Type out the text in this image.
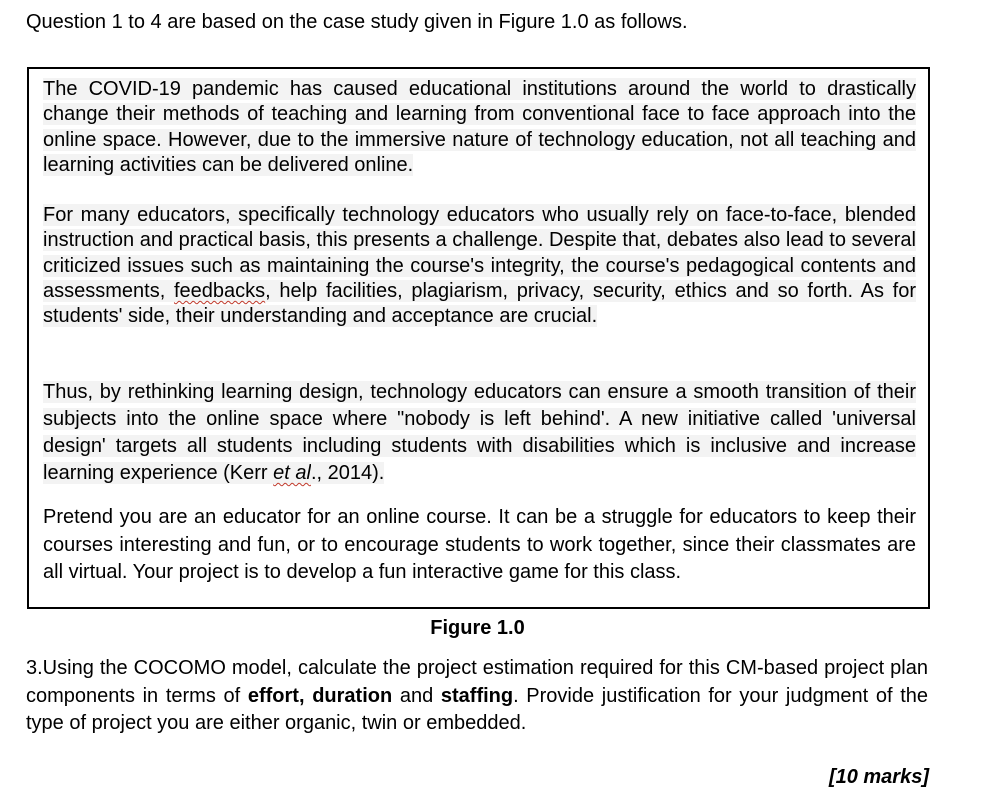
Question 1 to 4 are based on the case study given in Figure 1.0 as follows.

The COVID-19 pandemic has caused educational institutions around the world to drastically change their methods of teaching and learning from conventional face to face approach into the online space. However, due to the immersive nature of technology education, not all teaching and learning activities can be delivered online.

For many educators, specifically technology educators who usually rely on face-to-face, blended instruction and practical basis, this presents a challenge. Despite that, debates also lead to several criticized issues such as maintaining the course's integrity, the course's pedagogical contents and assessments, feedbacks, help facilities, plagiarism, privacy, security, ethics and so forth. As for students' side, their understanding and acceptance are crucial.

Thus, by rethinking learning design, technology educators can ensure a smooth transition of their subjects into the online space where "nobody is left behind'. A new initiative called 'universal design' targets all students including students with disabilities which is inclusive and increase learning experience (Kerr et al., 2014).

Pretend you are an educator for an online course. It can be a struggle for educators to keep their courses interesting and fun, or to encourage students to work together, since their classmates are all virtual. Your project is to develop a fun interactive game for this class.

Figure 1.0

3.Using the COCOMO model, calculate the project estimation required for this CM-based project plan components in terms of effort, duration and staffing. Provide justification for your judgment of the type of project you are either organic, twin or embedded.

[10 marks]
